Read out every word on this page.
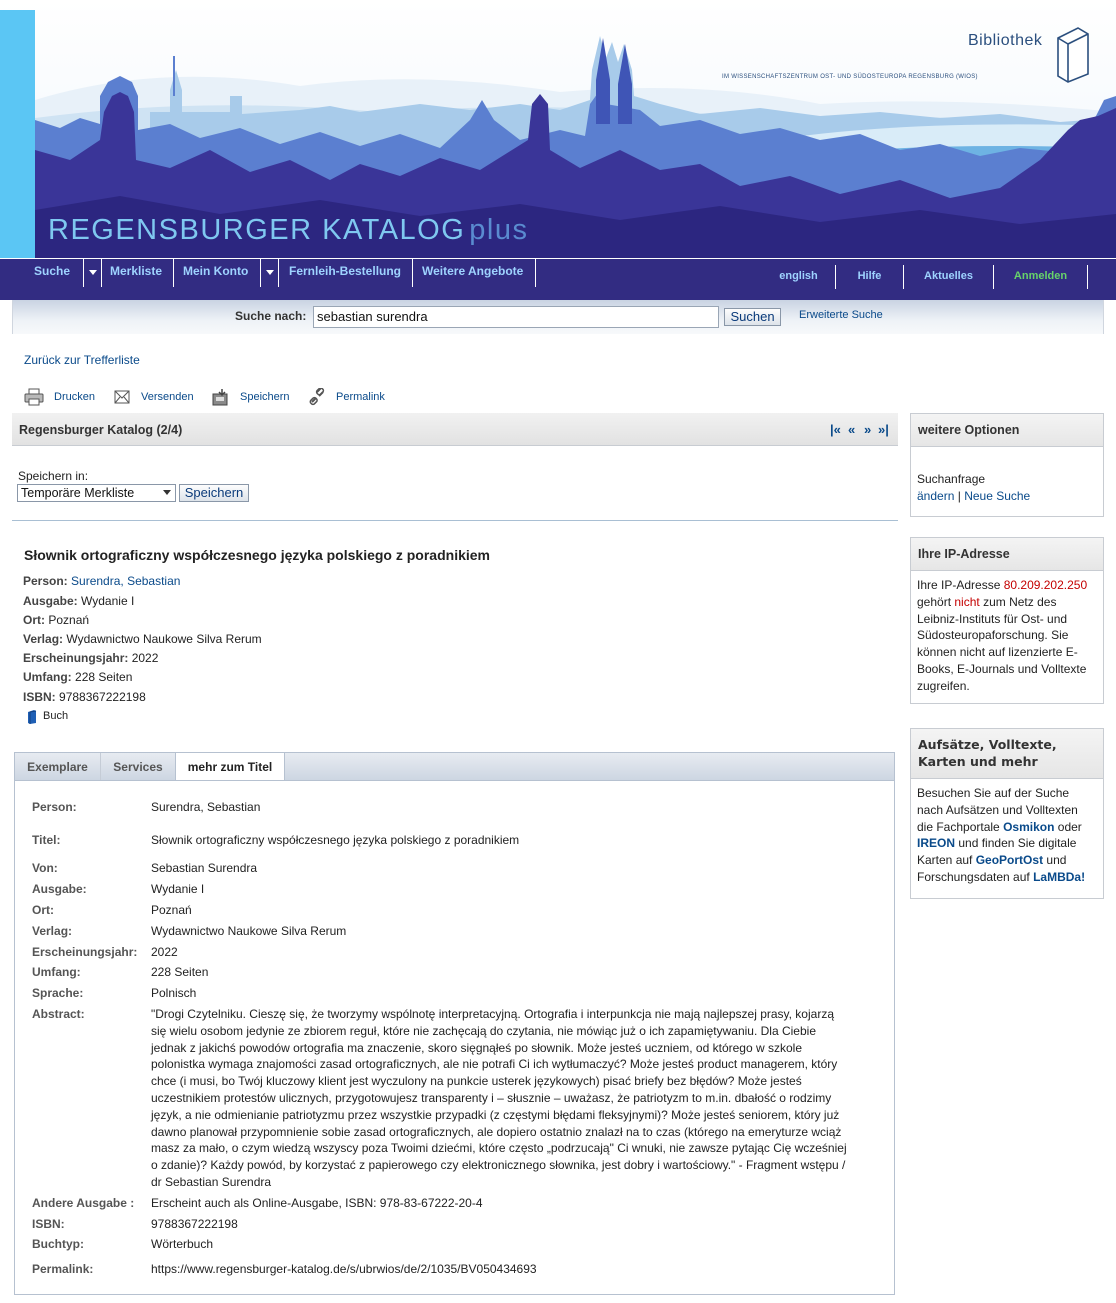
REGENSBURGER KATALOG plus
Bibliothek
IM WISSENSCHAFTSZENTRUM OST- UND SÜDOSTEUROPA REGENSBURG (WIOS)
Suche	Merkliste	Mein Konto	Fernleih-Bestellung	Weitere Angebote	english	Hilfe	Aktuelles	Anmelden
Suche nach: sebastian surendra	Suchen	Erweiterte Suche
Zurück zur Trefferliste
Drucken	Versenden	Speichern	Permalink
Regensburger Katalog (2/4)	|« « » »|
Speichern in:
Temporäre Merkliste	Speichern
Słownik ortograficzny współczesnego języka polskiego z poradnikiem
Person: Surendra, Sebastian
Ausgabe: Wydanie I
Ort: Poznań
Verlag: Wydawnictwo Naukowe Silva Rerum
Erscheinungsjahr: 2022
Umfang: 228 Seiten
ISBN: 9788367222198
Buch
Exemplare	Services	mehr zum Titel
Person:	Surendra, Sebastian
Titel:	Słownik ortograficzny współczesnego języka polskiego z poradnikiem
Von:	Sebastian Surendra
Ausgabe:	Wydanie I
Ort:	Poznań
Verlag:	Wydawnictwo Naukowe Silva Rerum
Erscheinungsjahr: 2022
Umfang:	228 Seiten
Sprache:	Polnisch
Abstract:	"Drogi Czytelniku. Cieszę się, że tworzymy wspólnotę interpretacyjną. Ortografia i interpunkcja nie mają najlepszej prasy, kojarzą się wielu osobom jedynie ze zbiorem reguł, które nie zachęcają do czytania, nie mówiąc już o ich zapamiętywaniu. Dla Ciebie jednak z jakichś powodów ortografia ma znaczenie, skoro sięgnąłeś po słownik. Może jesteś uczniem, od którego w szkole polonistka wymaga znajomości zasad ortograficznych, ale nie potrafi Ci ich wytłumaczyć? Może jesteś product managerem, który chce (i musi, bo Twój kluczowy klient jest wyczulony na punkcie usterek językowych) pisać briefy bez błędów? Może jesteś uczestnikiem protestów ulicznych, przygotowujesz transparenty i – słusznie – uważasz, że patriotyzm to m.in. dbałość o rodzimy język, a nie odmienianie patriotyzmu przez wszystkie przypadki (z częstymi błędami fleksyjnymi)? Może jesteś seniorem, który już dawno planował przypomnienie sobie zasad ortograficznych, ale dopiero ostatnio znalazł na to czas (którego na emeryturze wciąż masz za mało, o czym wiedzą wszyscy poza Twoimi dziećmi, które często „podrzucają" Ci wnuki, nie zawsze pytając Cię wcześniej o zdanie)? Każdy powód, by korzystać z papierowego czy elektronicznego słownika, jest dobry i wartościowy." - Fragment wstępu / dr Sebastian Surendra
Andere Ausgabe : Erscheint auch als Online-Ausgabe, ISBN: 978-83-67222-20-4
ISBN:	9788367222198
Buchtyp:	Wörterbuch
Permalink:	https://www.regensburger-katalog.de/s/ubrwios/de/2/1035/BV050434693
weitere Optionen
Suchanfrage
ändern | Neue Suche
Ihre IP-Adresse
Ihre IP-Adresse 80.209.202.250 gehört nicht zum Netz des Leibniz-Instituts für Ost- und Südosteuropaforschung. Sie können nicht auf lizenzierte E-Books, E-Journals und Volltexte zugreifen.
Aufsätze, Volltexte, Karten und mehr
Besuchen Sie auf der Suche nach Aufsätzen und Volltexten die Fachportale Osmikon oder IREON und finden Sie digitale Karten auf GeoPortOst und Forschungsdaten auf LaMBDa!
